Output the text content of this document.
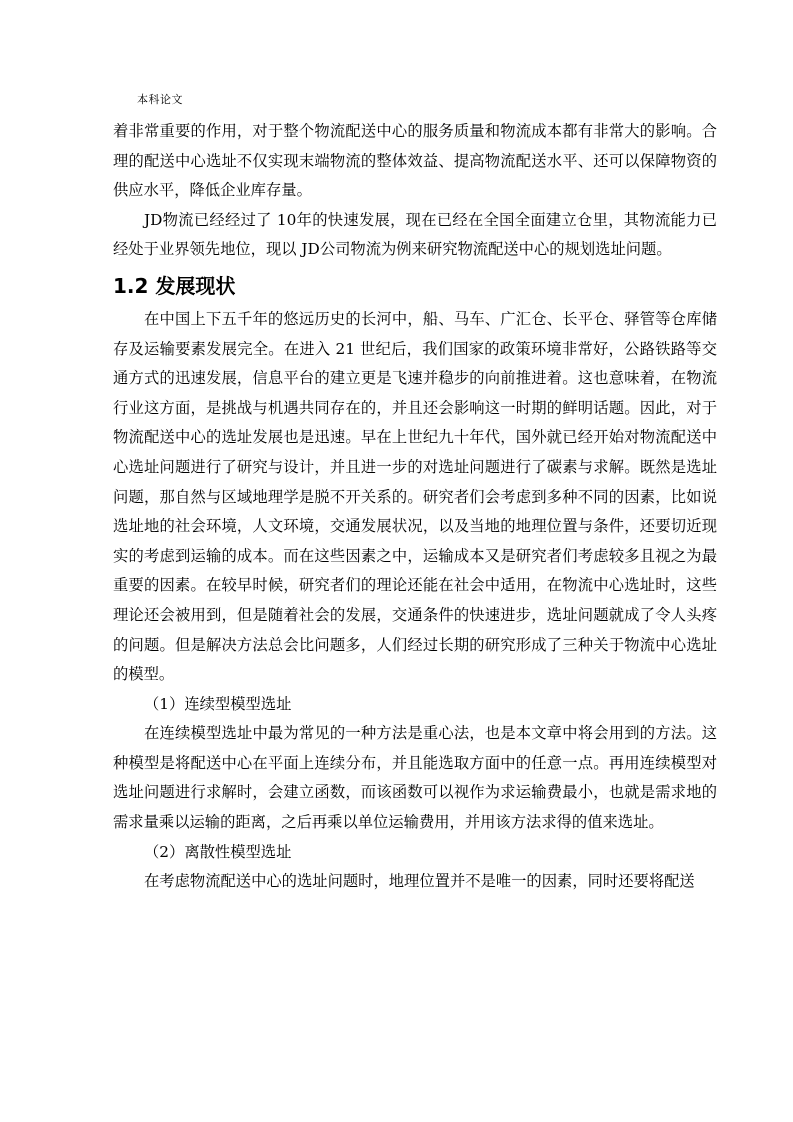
本科论文

着非常重要的作用，对于整个物流配送中心的服务质量和物流成本都有非常大的影响。合理的配送中心选址不仅实现末端物流的整体效益、提高物流配送水平、还可以保障物资的供应水平，降低企业库存量。

JD物流已经经过了 10年的快速发展，现在已经在全国全面建立仓里，其物流能力已经处于业界领先地位，现以 JD公司物流为例来研究物流配送中心的规划选址问题。

1.2 发展现状

在中国上下五千年的悠远历史的长河中，船、马车、广汇仓、长平仓、驿管等仓库储存及运输要素发展完全。在进入 21 世纪后，我们国家的政策环境非常好，公路铁路等交通方式的迅速发展，信息平台的建立更是飞速并稳步的向前推进着。这也意味着，在物流行业这方面，是挑战与机遇共同存在的，并且还会影响这一时期的鲜明话题。因此，对于物流配送中心的选址发展也是迅速。早在上世纪九十年代，国外就已经开始对物流配送中心选址问题进行了研究与设计，并且进一步的对选址问题进行了碳素与求解。既然是选址问题，那自然与区域地理学是脱不开关系的。研究者们会考虑到多种不同的因素，比如说选址地的社会环境，人文环境，交通发展状况，以及当地的地理位置与条件，还要切近现实的考虑到运输的成本。而在这些因素之中，运输成本又是研究者们考虑较多且视之为最重要的因素。在较早时候，研究者们的理论还能在社会中适用，在物流中心选址时，这些理论还会被用到，但是随着社会的发展，交通条件的快速进步，选址问题就成了令人头疼的问题。但是解决方法总会比问题多，人们经过长期的研究形成了三种关于物流中心选址的模型。

（1）连续型模型选址

在连续模型选址中最为常见的一种方法是重心法，也是本文章中将会用到的方法。这种模型是将配送中心在平面上连续分布，并且能选取方面中的任意一点。再用连续模型对选址问题进行求解时，会建立函数，而该函数可以视作为求运输费最小，也就是需求地的需求量乘以运输的距离，之后再乘以单位运输费用，并用该方法求得的值来选址。

（2）离散性模型选址

在考虑物流配送中心的选址问题时，地理位置并不是唯一的因素，同时还要将配送
